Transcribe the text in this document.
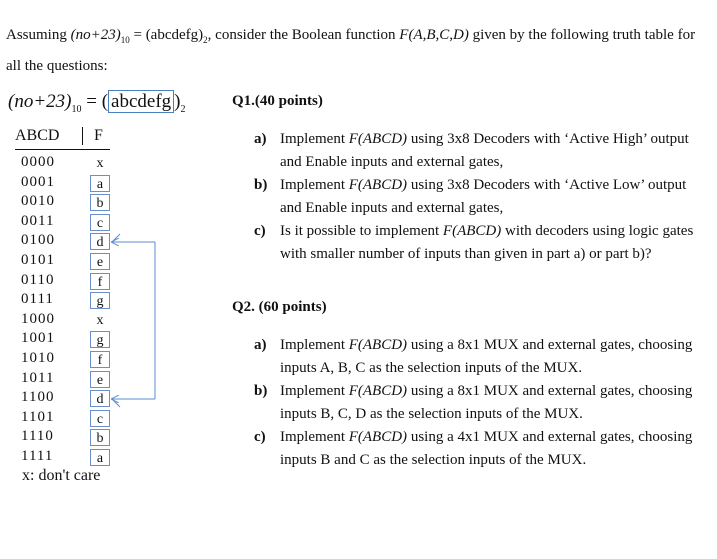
Assuming $(no+23)_{10}$ = $(abcdefg)_2$, consider the Boolean function F(A,B,C,D) given by the following truth table for all the questions:
$(no+23)_{10}$ = ( abcdefg )$_2$
ABCD F
0000	x
0001	a
0010	b
0011	c
0100	d
0101	e
0110	f
0111	g
1000	x
1001	g
1010	f
1011	e
1100	d
1101	c
1110	b
1111	a
x: don't care
Q1.(40 points)
a) Implement F(ABCD) using 3x8 Decoders with ‘Active High’ output and Enable inputs and external gates,
b) Implement F(ABCD) using 3x8 Decoders with ‘Active Low’ output and Enable inputs and external gates,
c) Is it possible to implement F(ABCD) with decoders using logic gates with smaller number of inputs than given in part a) or part b)?
Q2. (60 points)
a) Implement F(ABCD) using a 8x1 MUX and external gates, choosing inputs A, B, C as the selection inputs of the MUX.
b) Implement F(ABCD) using a 8x1 MUX and external gates, choosing inputs B, C, D as the selection inputs of the MUX.
c) Implement F(ABCD) using a 4x1 MUX and external gates, choosing inputs B and C as the selection inputs of the MUX.
